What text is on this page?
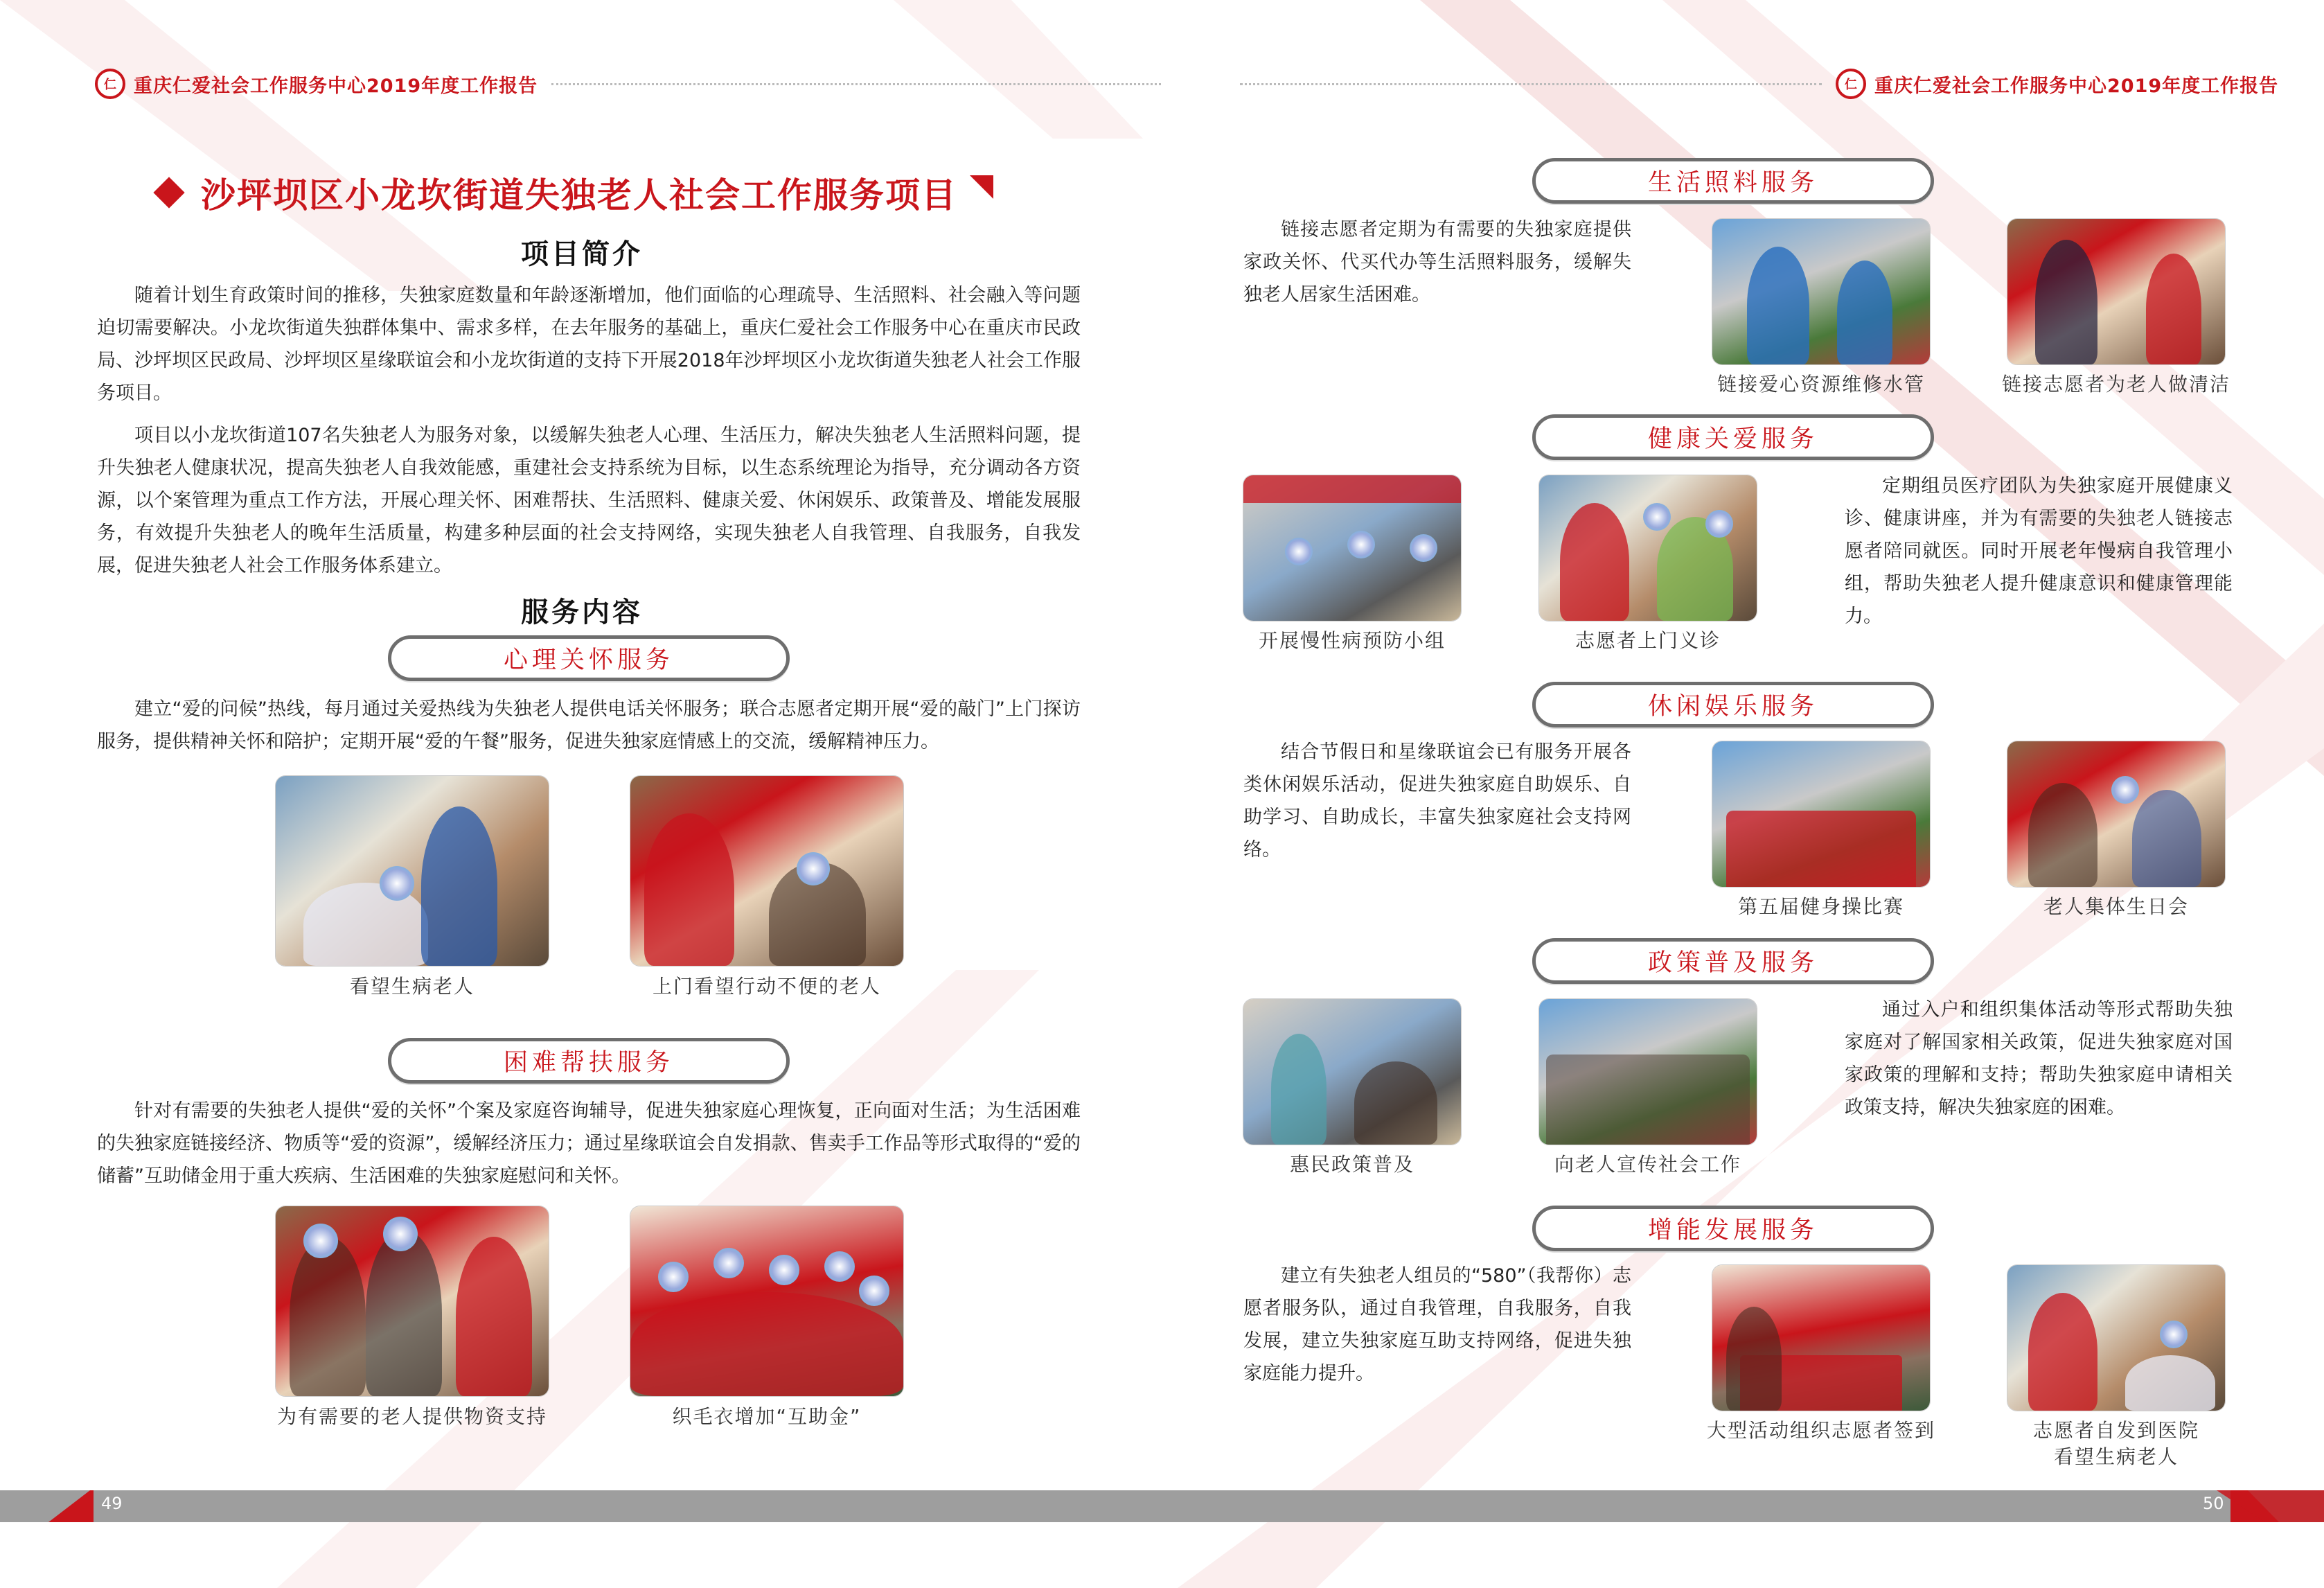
仁 重庆仁爱社会工作服务中心2019年度工作报告	仁 重庆仁爱社会工作服务中心2019年度工作报告
沙坪坝区小龙坎街道失独老人社会工作服务项目
项目简介

随着计划生育政策时间的推移，失独家庭数量和年龄逐渐增加，他们面临的心理疏导、生活照料、社会融入等问题迫切需要解决。小龙坎街道失独群体集中、需求多样，在去年服务的基础上，重庆仁爱社会工作服务中心在重庆市民政局、沙坪坝区民政局、沙坪坝区星缘联谊会和小龙坎街道的支持下开展2018年沙坪坝区小龙坎街道失独老人社会工作服务项目。

项目以小龙坎街道107名失独老人为服务对象，以缓解失独老人心理、生活压力，解决失独老人生活照料问题，提升失独老人健康状况，提高失独老人自我效能感，重建社会支持系统为目标，以生态系统理论为指导，充分调动各方资源，以个案管理为重点工作方法，开展心理关怀、困难帮扶、生活照料、健康关爱、休闲娱乐、政策普及、增能发展服务，有效提升失独老人的晚年生活质量，构建多种层面的社会支持网络，实现失独老人自我管理、自我服务，自我发展，促进失独老人社会工作服务体系建立。

服务内容
心理关怀服务

建立“爱的问候”热线，每月通过关爱热线为失独老人提供电话关怀服务；联合志愿者定期开展“爱的敲门”上门探访服务，提供精神关怀和陪护；定期开展“爱的午餐”服务，促进失独家庭情感上的交流，缓解精神压力。

看望生病老人	上门看望行动不便的老人
困难帮扶服务

针对有需要的失独老人提供“爱的关怀”个案及家庭咨询辅导，促进失独家庭心理恢复，正向面对生活；为生活困难的失独家庭链接经济、物质等“爱的资源”，缓解经济压力；通过星缘联谊会自发捐款、售卖手工作品等形式取得的“爱的储蓄”互助储金用于重大疾病、生活困难的失独家庭慰问和关怀。

为有需要的老人提供物资支持	织毛衣增加“互助金”
生活照料服务

链接志愿者定期为有需要的失独家庭提供家政关怀、代买代办等生活照料服务，缓解失独老人居家生活困难。

链接爱心资源维修水管	链接志愿者为老人做清洁
健康关爱服务
开展慢性病预防小组	志愿者上门义诊

定期组员医疗团队为失独家庭开展健康义诊、健康讲座，并为有需要的失独老人链接志愿者陪同就医。同时开展老年慢病自我管理小组，帮助失独老人提升健康意识和健康管理能力。

休闲娱乐服务

结合节假日和星缘联谊会已有服务开展各类休闲娱乐活动，促进失独家庭自助娱乐、自助学习、自助成长，丰富失独家庭社会支持网络。

第五届健身操比赛	老人集体生日会
政策普及服务
惠民政策普及	向老人宣传社会工作

通过入户和组织集体活动等形式帮助失独家庭对了解国家相关政策，促进失独家庭对国家政策的理解和支持；帮助失独家庭申请相关政策支持，解决失独家庭的困难。

增能发展服务

建立有失独老人组员的“580”（我帮你）志愿者服务队，通过自我管理，自我服务，自我发展，建立失独家庭互助支持网络，促进失独家庭能力提升。

大型活动组织志愿者签到	志愿者自发到医院
看望生病老人
49	50
